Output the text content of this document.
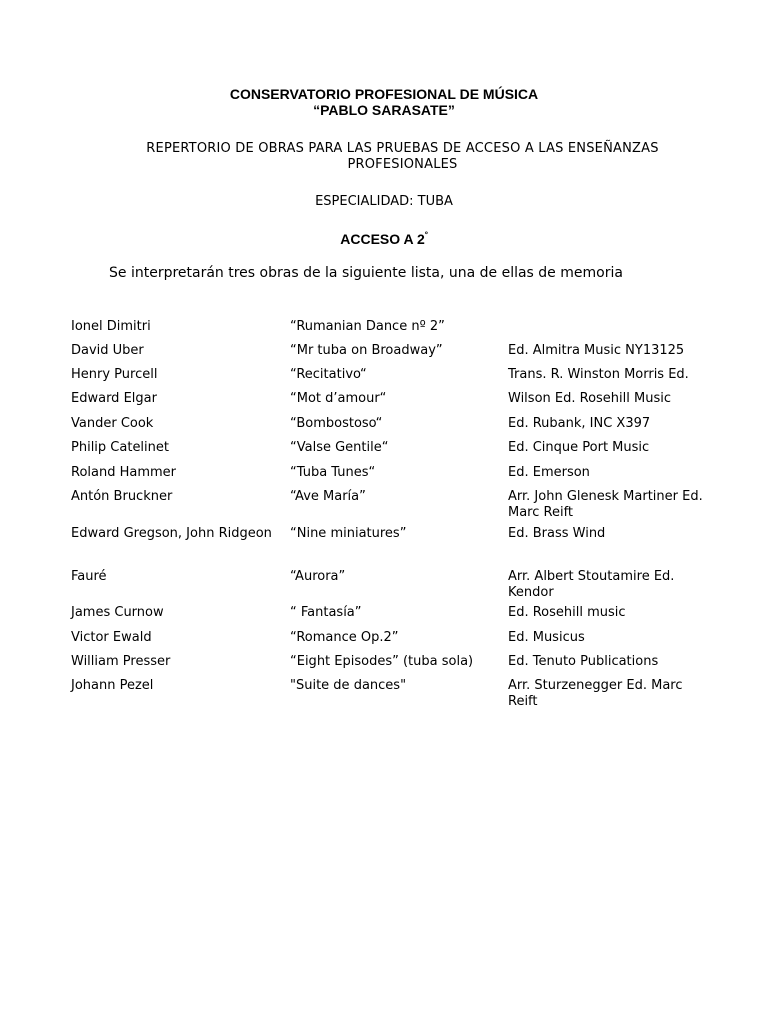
CONSERVATORIO PROFESIONAL DE MÚSICA
“PABLO SARASATE”
REPERTORIO DE OBRAS PARA LAS PRUEBAS DE ACCESO A LAS ENSEÑANZAS PROFESIONALES
ESPECIALIDAD: TUBA
ACCESO A $2^º$
Se interpretarán tres obras de la siguiente lista, una de ellas de memoria
Ionel Dimitri	“Rumanian Dance nº 2”
David Uber	“Mr tuba on Broadway”	Ed. Almitra Music NY13125
Henry Purcell	“Recitativo“	Trans. R. Winston Morris Ed.
Edward Elgar	“Mot d’amour“	Wilson Ed. Rosehill Music
Vander Cook	“Bombostoso“	Ed. Rubank, INC X397
Philip Catelinet	“Valse Gentile“	Ed. Cinque Port Music
Roland Hammer	“Tuba Tunes“	Ed. Emerson
Antón Bruckner	“Ave María”	Arr. John Glenesk Martiner Ed. Marc Reift
Edward Gregson, John Ridgeon	“Nine miniatures”	Ed. Brass Wind
Fauré	“Aurora”	Arr. Albert Stoutamire Ed. Kendor
James Curnow	“ Fantasía”	Ed. Rosehill music
Victor Ewald	“Romance Op.2”	Ed. Musicus
William Presser	“Eight Episodes” (tuba sola)	Ed. Tenuto Publications
Johann Pezel	"Suite de dances"	Arr. Sturzenegger Ed. Marc Reift
